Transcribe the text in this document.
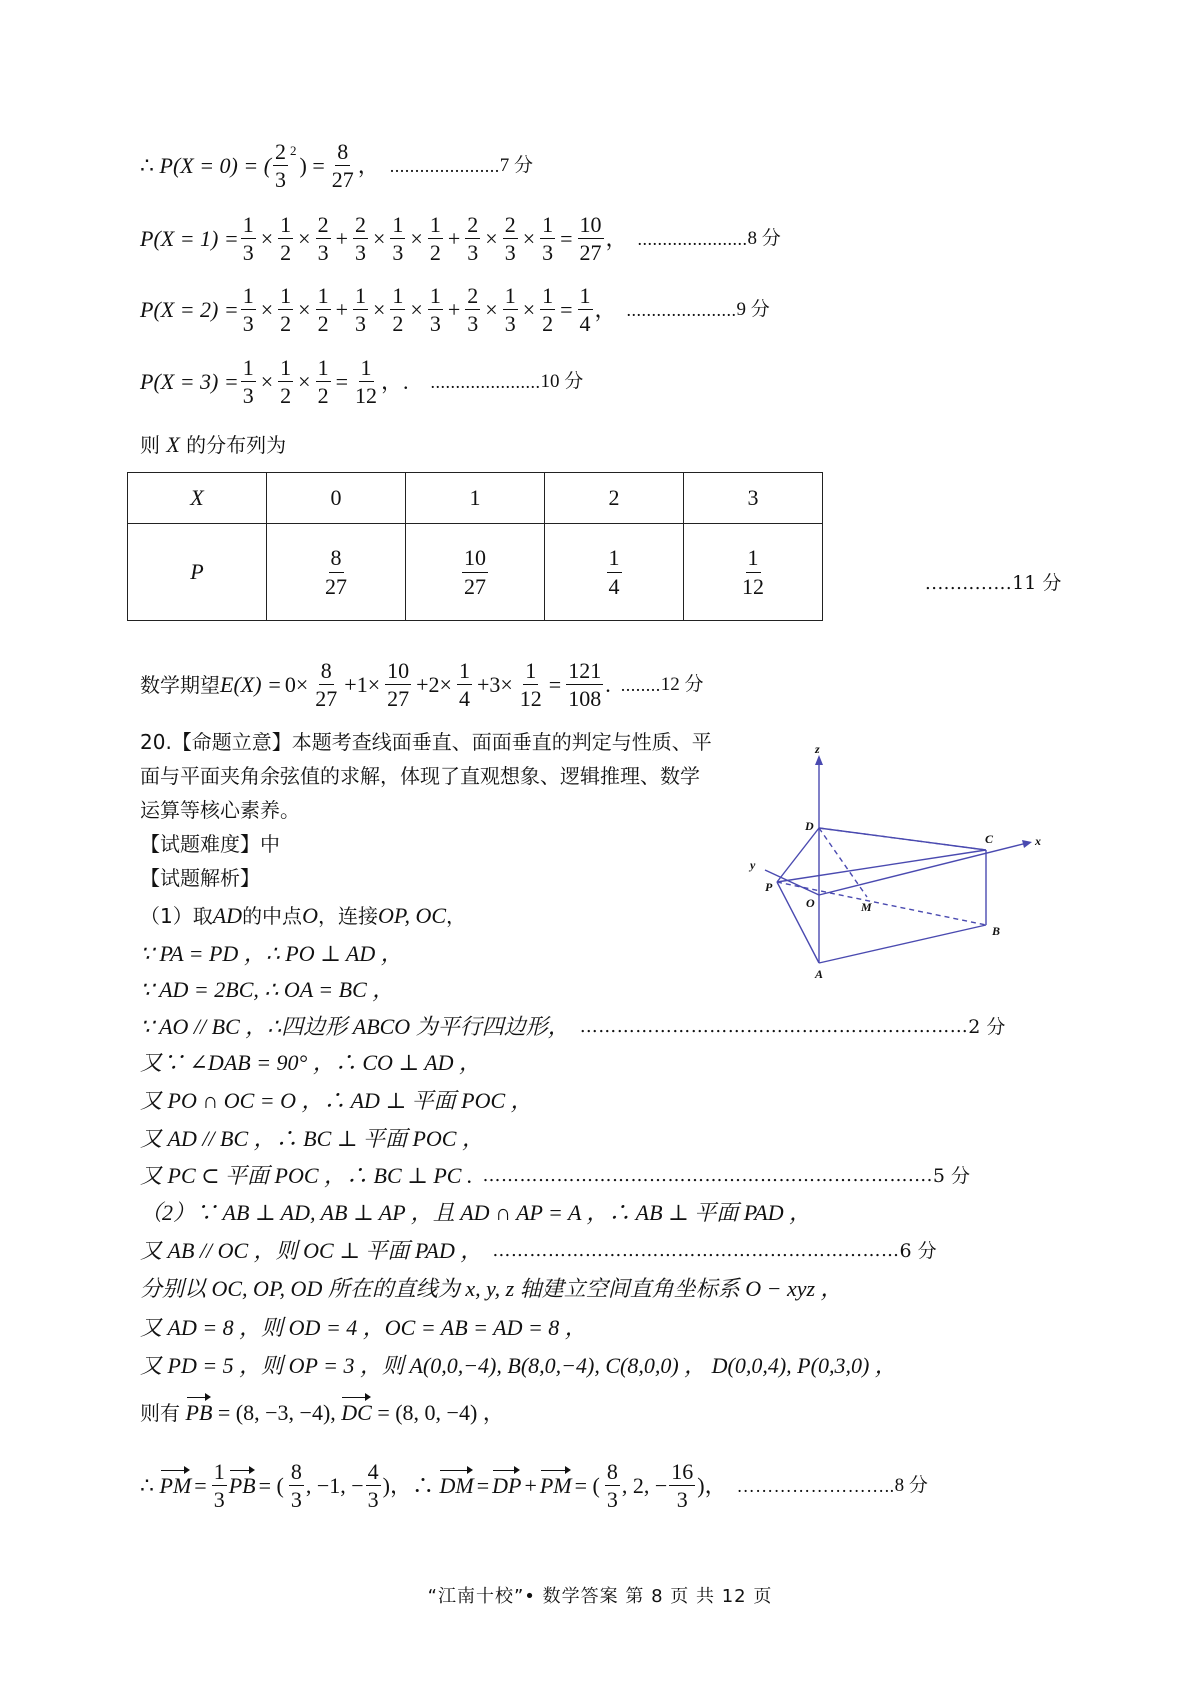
∴
P(X = 0) = ( $\frac{2}{3}^2$
) = $\frac{8}{27}$ ， ...................... 7 分
$P(X = 1) = \frac{1}{3} \times \frac{1}{2} \times \frac{2}{3} + \frac{2}{3} \times \frac{1}{3} \times \frac{1}{2} + \frac{2}{3} \times \frac{2}{3} \times \frac{1}{3} = \frac{10}{27}$ ， ...................... 8 分
$P(X = 2) = \frac{1}{3} \times \frac{1}{2} \times \frac{1}{2} + \frac{1}{3} \times \frac{1}{2} \times \frac{1}{3} + \frac{2}{3} \times \frac{1}{3} \times \frac{1}{2} = \frac{1}{4}$ ， ...................... 9 分
$P(X = 3) = \frac{1}{3} \times \frac{1}{2} \times \frac{1}{2} = \frac{1}{12}$ ，. ...................... 10 分
则
X
的分布列为
X	0	1	2	3
P	$\frac{8}{27}$	$\frac{10}{27}$	$\frac{1}{4}$	$\frac{1}{12}$	.............. 11 分
数学期望 $E(X) = 0\times \frac{8}{27} +1\times \frac{10}{27} +2\times \frac{1}{4} +3\times \frac{1}{12} = \frac{121}{108}$ . ........ 12 分
20.【命题立意】本题考查线面垂直、面面垂直的判定与性质、平
面与平面夹角余弦值的求解，体现了直观想象、逻辑推理、数学
运算等核心素养。
【试题难度】中
【试题解析】
（1）取 AD 的中点 O ，连接 OP, OC ，
∵ PA = PD ，∴ PO ⊥ AD ，
∵ AD = 2BC, ∴ OA = BC ，
∵ AO // BC ，∴四边形 ABCO 为平行四边形， ……………………………………………………… 2 分
又∵ ∠DAB = 90° ，∴ CO ⊥ AD ，
又 PO ∩ OC = O ，∴ AD ⊥ 平面 POC ，
又 AD // BC ，∴ BC ⊥ 平面 POC ，
又 PC ⊂ 平面 POC ，∴ BC ⊥ PC . …………………………………………………………….... 5 分
（2）∵ AB ⊥ AD, AB ⊥ AP ，且 AD ∩ AP = A ，∴ AB ⊥ 平面 PAD ，
又 AB // OC ，则 OC ⊥ 平面 PAD ， …………………………………………………...…… 6 分
分别以 OC, OP, OD 所在的直线为 x, y, z 轴建立空间直角坐标系 O − xyz ，
又 AD = 8 ，则 OD = 4 ，OC = AB = AD = 8 ，
又 PD = 5 ，则 OP = 3 ，则 A(0,0,−4), B(8,0,−4), C(8,0,0) ， D(0,0,4), P(0,3,0) ，
则有
PB
= (8, −3, −4),
DC
= (8, 0, −4) ，
∴
PM = $\frac{1}{3}$ PB = ( $\frac{8}{3}$ , −1, − $\frac{4}{3}$ )，∴
DM = DP + PM = ( $\frac{8}{3}$ , 2, − $\frac{16}{3}$ )， …………………….. 8 分
z
x
y
D
C
P
O	M
B
A
“江南十校”• 数学答案 第 8 页 共 12 页
